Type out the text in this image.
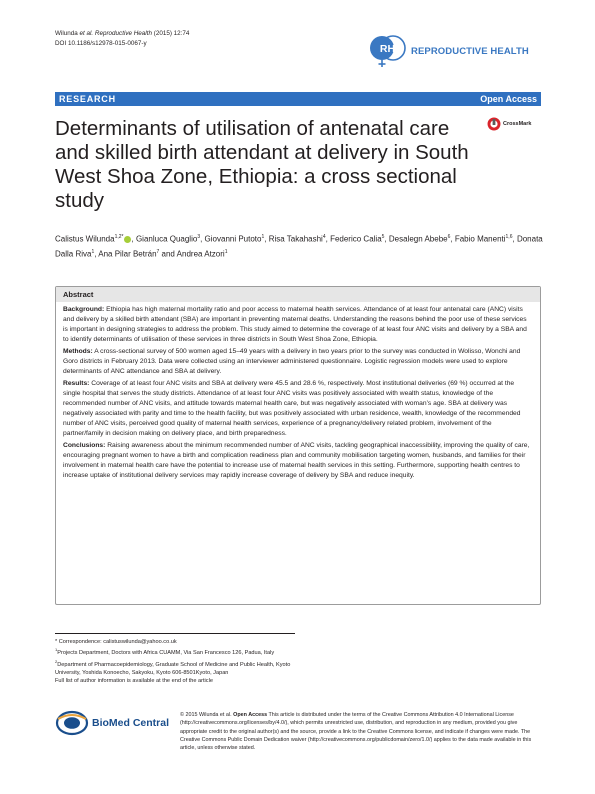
Wilunda et al. Reproductive Health (2015) 12:74
DOI 10.1186/s12978-015-0067-y	RH REPRODUCTIVE HEALTH
RESEARCH	Open Access
Determinants of utilisation of antenatal care and skilled birth attendant at delivery in South West Shoa Zone, Ethiopia: a cross sectional study
CrossMark
Calistus Wilunda$^{1,2*}$ , Gianluca Quaglio$^3$, Giovanni Putoto$^1$, Risa Takahashi$^4$, Federico Calia$^5$, Desalegn Abebe$^6$, Fabio Manenti$^{1,6}$, Donata Dalla Riva$^1$, Ana Pilar Betrán$^7$ and Andrea Atzori$^1$
Abstract

Background: Ethiopia has high maternal mortality ratio and poor access to maternal health services. Attendance of at least four antenatal care (ANC) visits and delivery by a skilled birth attendant (SBA) are important in preventing maternal deaths. Understanding the reasons behind the poor use of these services is important in designing strategies to address the problem. This study aimed to determine the coverage of at least four ANC visits and delivery by a SBA and to identify determinants of utilisation of these services in three districts in South West Shoa Zone, Ethiopia.

Methods: A cross-sectional survey of 500 women aged 15–49 years with a delivery in two years prior to the survey was conducted in Wolisso, Wonchi and Goro districts in February 2013. Data were collected using an interviewer administered questionnaire. Logistic regression models were used to explore determinants of ANC attendance and SBA at delivery.

Results: Coverage of at least four ANC visits and SBA at delivery were 45.5 and 28.6 %, respectively. Most institutional deliveries (69 %) occurred at the single hospital that serves the study districts. Attendance of at least four ANC visits was positively associated with wealth status, knowledge of the recommended number of ANC visits, and attitude towards maternal health care, but was negatively associated with woman’s age. SBA at delivery was negatively associated with parity and time to the health facility, but was positively associated with urban residence, wealth, knowledge of the recommended number of ANC visits, perceived good quality of maternal health services, experience of a pregnancy/delivery related problem, involvement of the partner/family in decision making on delivery place, and birth preparedness.

Conclusions: Raising awareness about the minimum recommended number of ANC visits, tackling geographical inaccessibility, improving the quality of care, encouraging pregnant women to have a birth and complication readiness plan and community mobilisation targeting women, husbands, and families for their involvement in maternal health care have the potential to increase use of maternal health services in this setting. Furthermore, supporting health centres to increase uptake of institutional delivery services may rapidly increase coverage of delivery by SBA and reduce inequity.

* Correspondence: calistuswilunda@yahoo.co.uk

$^1$Projects Department, Doctors with Africa CUAMM, Via San Francesco 126, Padua, Italy

$^2$Department of Pharmacoepidemiology, Graduate School of Medicine and Public Health, Kyoto University, Yoshida Konoecho, Sakyoku, Kyoto 606-8501Kyoto, Japan

Full list of author information is available at the end of the article

BioMed Central
© 2015 Wilunda et al. Open Access This article is distributed under the terms of the Creative Commons Attribution 4.0 International License (http://creativecommons.org/licenses/by/4.0/), which permits unrestricted use, distribution, and reproduction in any medium, provided you give appropriate credit to the original author(s) and the source, provide a link to the Creative Commons license, and indicate if changes were made. The Creative Commons Public Domain Dedication waiver (http://creativecommons.org/publicdomain/zero/1.0/) applies to the data made available in this article, unless otherwise stated.
